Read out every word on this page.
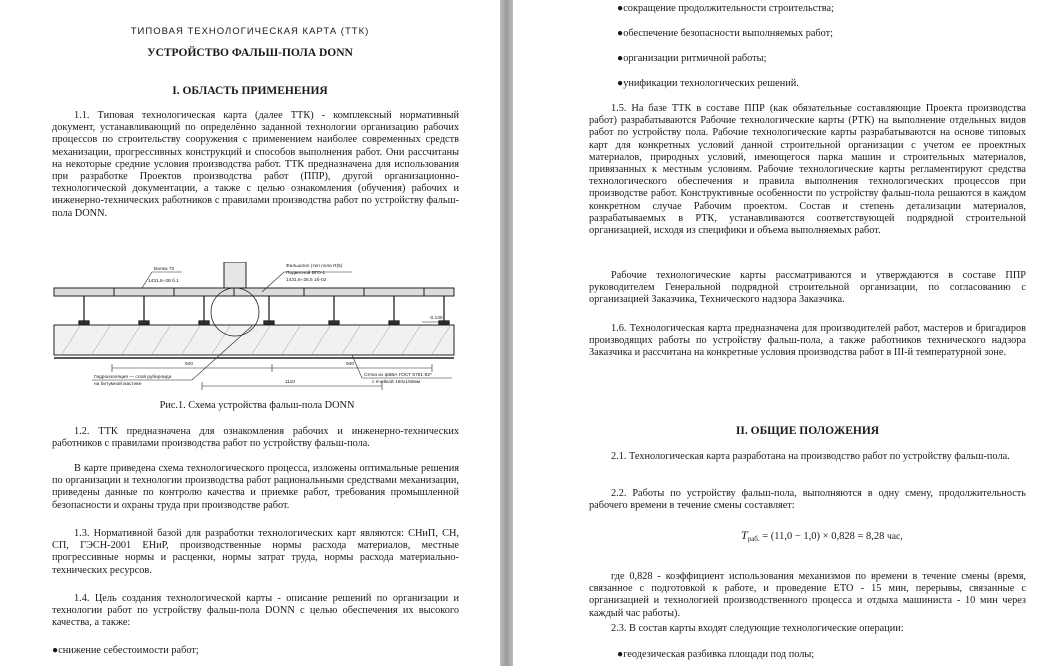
ТИПОВАЯ ТЕХНОЛОГИЧЕСКАЯ КАРТА (ТТК)
УСТРОЙСТВО ФАЛЬШ-ПОЛА DONN
I. ОБЛАСТЬ ПРИМЕНЕНИЯ

1.1. Типовая технологическая карта (далее ТТК) - комплексный нормативный документ, устанавливающий по определённо заданной технологии организацию рабочих процессов по строительству сооружения с применением наиболее современных средств механизации, прогрессивных конструкций и способов выполнения работ. Они рассчитаны на некоторые средние условия производства работ. ТТК предназначена для использования при разработке Проектов производства работ (ППР), другой организационно-технологической документации, а также с целью ознакомления (обучения) рабочих и инженерно-технических работников с правилами производства работ по устройству фальш-пола DONN.

Балка 72
1431,6–28 б.1
Фальшпол (тип пола R(5)
Подвесной ВГО-1
1431,6–28,5 1б-02
-0,130
940	940
1110
Гидроизоляция — слой рубероида
на битумной мастике
Сетка из ф5ВА ГОСТ 5781-82*
с ячейкой 150х150мм
Рис.1. Схема устройства фальш-пола DONN

1.2. ТТК предназначена для ознакомления рабочих и инженерно-технических работников с правилами производства работ по устройству фальш-пола.

В карте приведена схема технологического процесса, изложены оптимальные решения по организации и технологии производства работ рациональными средствами механизации, приведены данные по контролю качества и приемке работ, требования промышленной безопасности и охраны труда при производстве работ.

1.3. Нормативной базой для разработки технологических карт являются: СНиП, СН, СП, ГЭСН-2001 ЕНиР, производственные нормы расхода материалов, местные прогрессивные нормы и расценки, нормы затрат труда, нормы расхода материально-технических ресурсов.

1.4. Цель создания технологической карты - описание решений по организации и технологии работ по устройству фальш-пола DONN с целью обеспечения их высокого качества, а также:

●снижение себестоимости работ;
●сокращение продолжительности строительства;
●обеспечение безопасности выполняемых работ;
●организации ритмичной работы;
●унификации технологических решений.

1.5. На базе ТТК в составе ППР (как обязательные составляющие Проекта производства работ) разрабатываются Рабочие технологические карты (РТК) на выполнение отдельных видов работ по устройству пола. Рабочие технологические карты разрабатываются на основе типовых карт для конкретных условий данной строительной организации с учетом ее проектных материалов, природных условий, имеющегося парка машин и строительных материалов, привязанных к местным условиям. Рабочие технологические карты регламентируют средства технологического обеспечения и правила выполнения технологических процессов при производстве работ. Конструктивные особенности по устройству фальш-пола решаются в каждом конкретном случае Рабочим проектом. Состав и степень детализации материалов, разрабатываемых в РТК, устанавливаются соответствующей подрядной строительной организацией, исходя из специфики и объема выполняемых работ.

Рабочие технологические карты рассматриваются и утверждаются в составе ППР руководителем Генеральной подрядной строительной организации, по согласованию с организацией Заказчика, Технического надзора Заказчика.

1.6. Технологическая карта предназначена для производителей работ, мастеров и бригадиров производящих работы по устройству фальш-пола, а также работников технического надзора Заказчика и рассчитана на конкретные условия производства работ в III-й температурной зоне.

II. ОБЩИЕ ПОЛОЖЕНИЯ

2.1. Технологическая карта разработана на производство работ по устройству фальш-пола.

2.2. Работы по устройству фальш-пола, выполняются в одну смену, продолжительность рабочего времени в течение смены составляет:

$T_{раб.} = (11,0 - 1,0) \times 0,828 = 8,28$ час,

где 0,828 - коэффициент использования механизмов по времени в течение смены (время, связанное с подготовкой к работе, и проведение ЕТО - 15 мин, перерывы, связанные с организацией и технологией производственного процесса и отдыха машиниста - 10 мин через каждый час работы).

2.3. В состав карты входят следующие технологические операции:

●геодезическая разбивка площади под полы;
